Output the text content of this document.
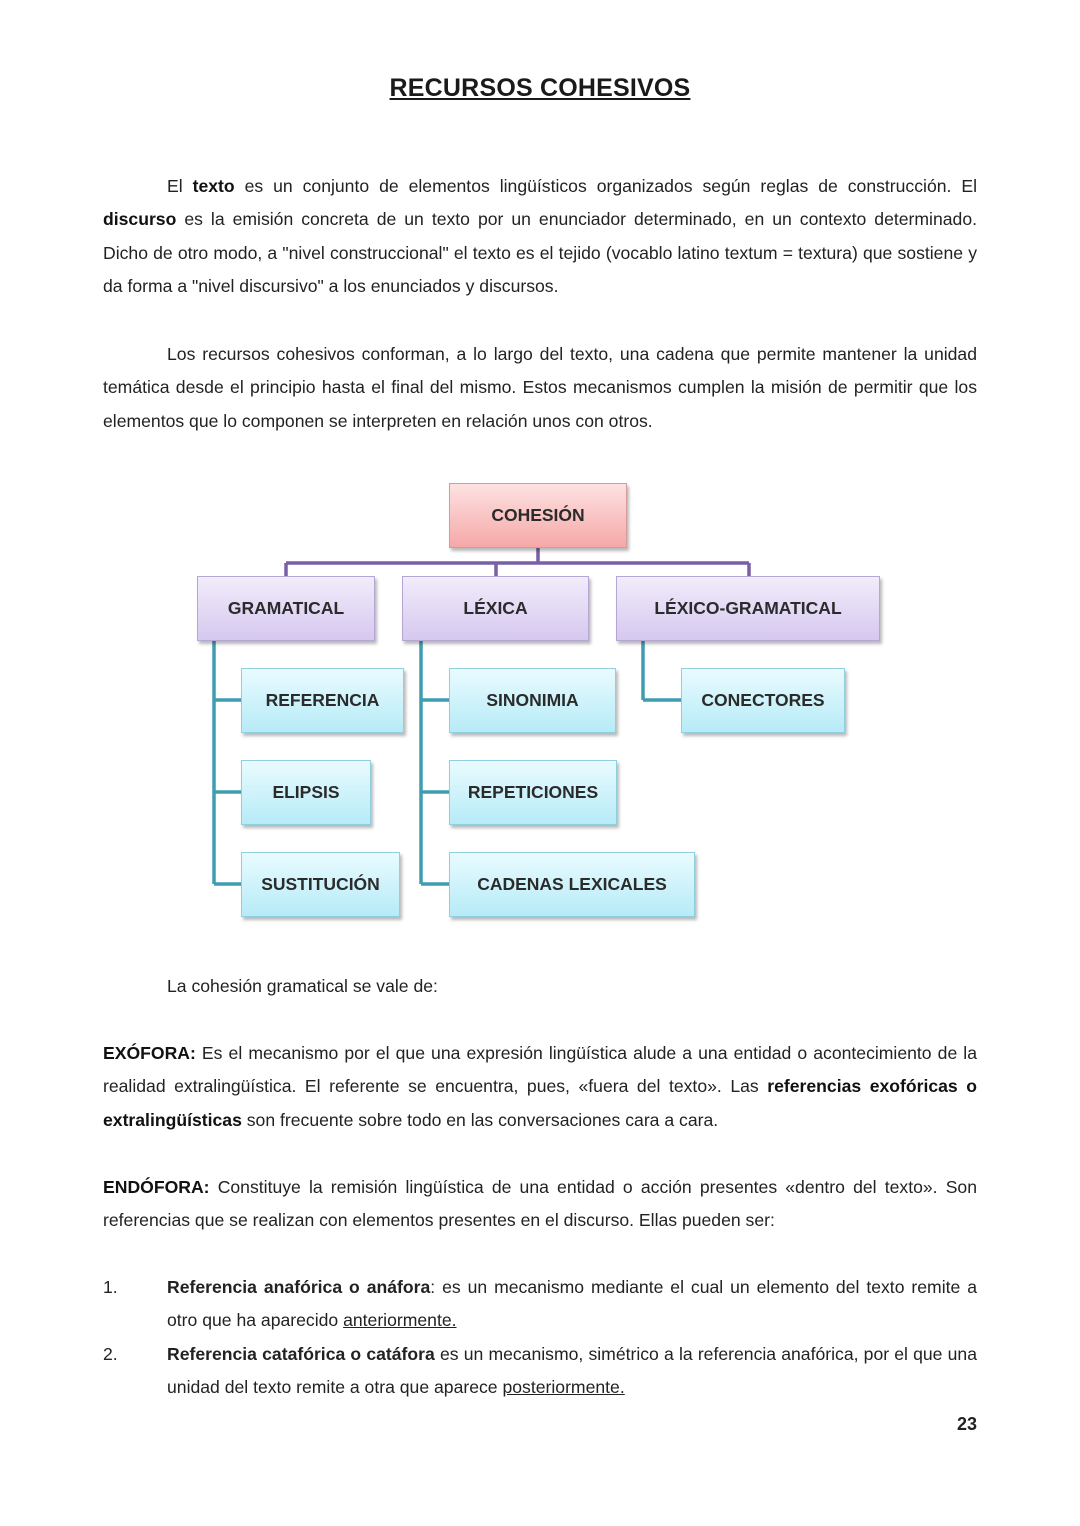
RECURSOS COHESIVOS

El texto es un conjunto de elementos lingüísticos organizados según reglas de construcción. El discurso es la emisión concreta de un texto por un enunciador determinado, en un contexto determinado. Dicho de otro modo, a "nivel construccional" el texto es el tejido (vocablo latino textum = textura) que sostiene y da forma a "nivel discursivo" a los enunciados y discursos.

Los recursos cohesivos conforman, a lo largo del texto, una cadena que permite mantener la unidad temática desde el principio hasta el final del mismo. Estos mecanismos cumplen la misión de permitir que los elementos que lo componen se interpreten en relación unos con otros.

COHESIÓN
GRAMATICAL	LÉXICA	LÉXICO-GRAMATICAL
REFERENCIA
ELIPSIS
SUSTITUCIÓN
SINONIMIA
REPETICIONES
CADENAS LEXICALES
CONECTORES

La cohesión gramatical se vale de:

EXÓFORA: Es el mecanismo por el que una expresión lingüística alude a una entidad o acontecimiento de la realidad extralingüística. El referente se encuentra, pues, «fuera del texto». Las referencias exofóricas o extralingüísticas son frecuente sobre todo en las conversaciones cara a cara.

ENDÓFORA: Constituye la remisión lingüística de una entidad o acción presentes «dentro del texto». Son referencias que se realizan con elementos presentes en el discurso. Ellas pueden ser:

1.	Referencia anafórica o anáfora: es un mecanismo mediante el cual un elemento del texto remite a otro que ha aparecido anteriormente.

2.	Referencia catafórica o catáfora es un mecanismo, simétrico a la referencia anafórica, por el que una unidad del texto remite a otra que aparece posteriormente.

23
